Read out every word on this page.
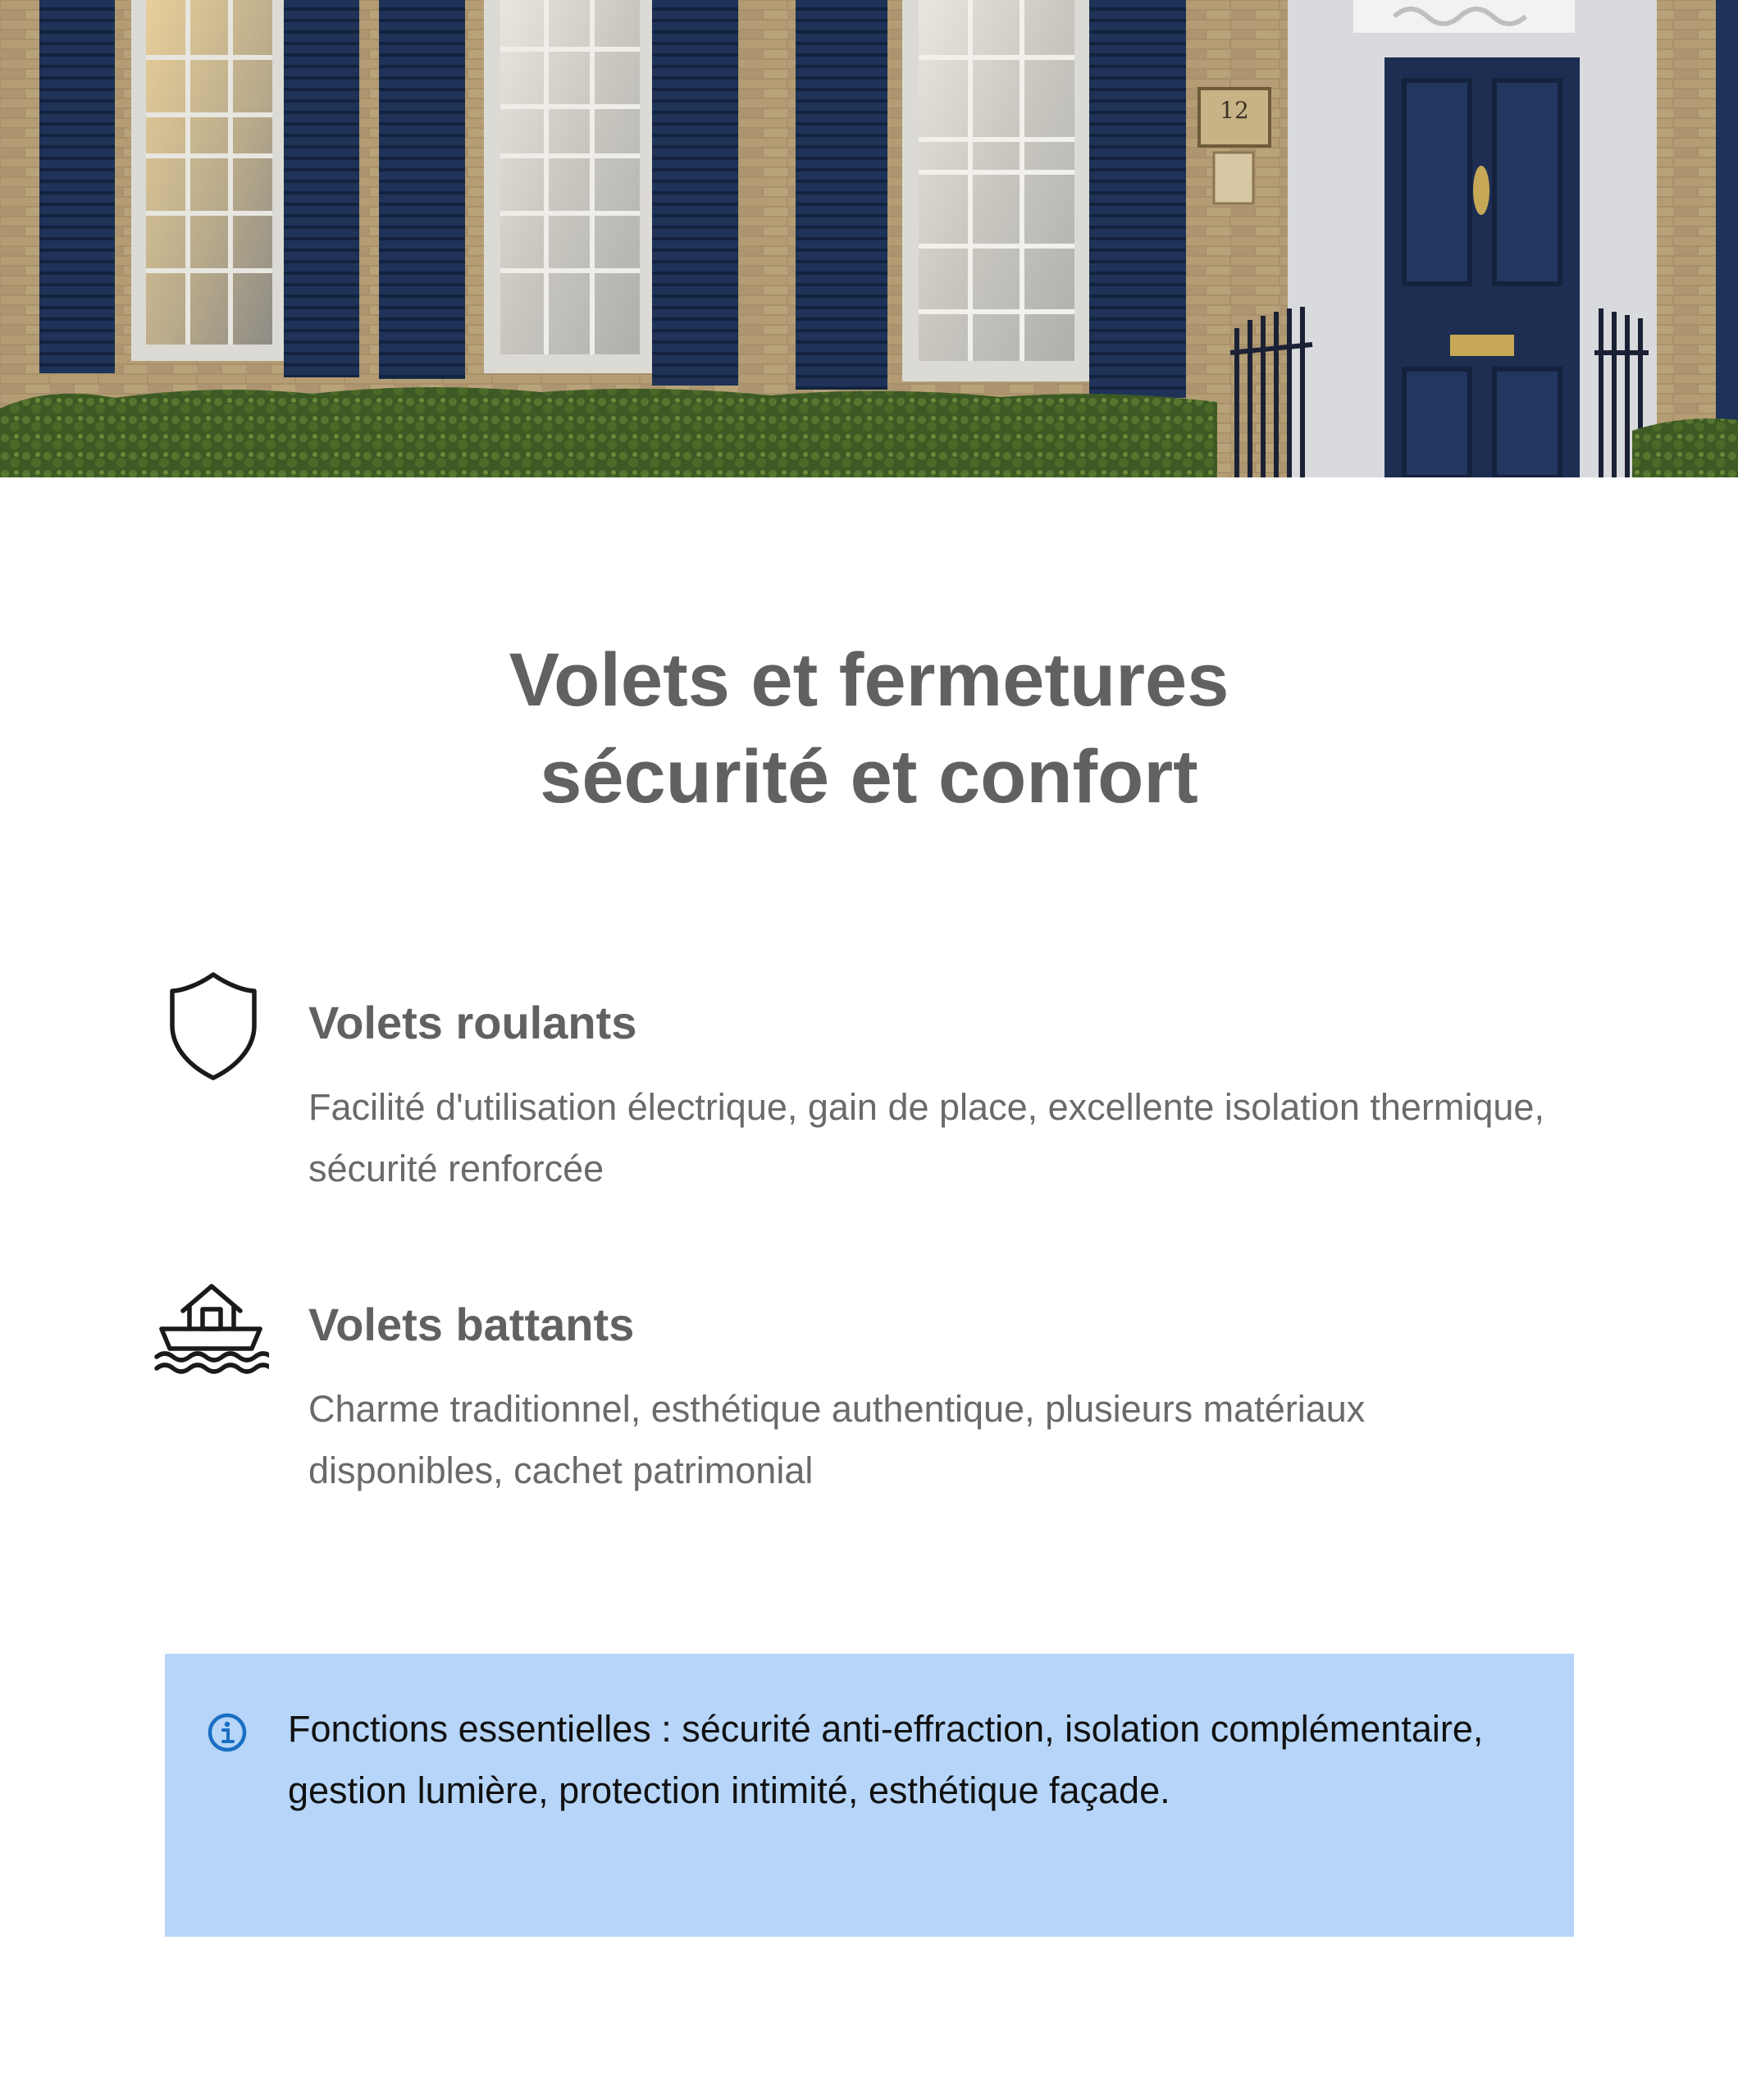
12
Volets et fermetures
sécurité et confort
Volets roulants
Facilité d'utilisation électrique, gain de place, excellente isolation thermique, sécurité renforcée
Volets battants
Charme traditionnel, esthétique authentique, plusieurs matériaux disponibles, cachet patrimonial
Fonctions essentielles : sécurité anti-effraction, isolation complémentaire, gestion lumière, protection intimité, esthétique façade.
